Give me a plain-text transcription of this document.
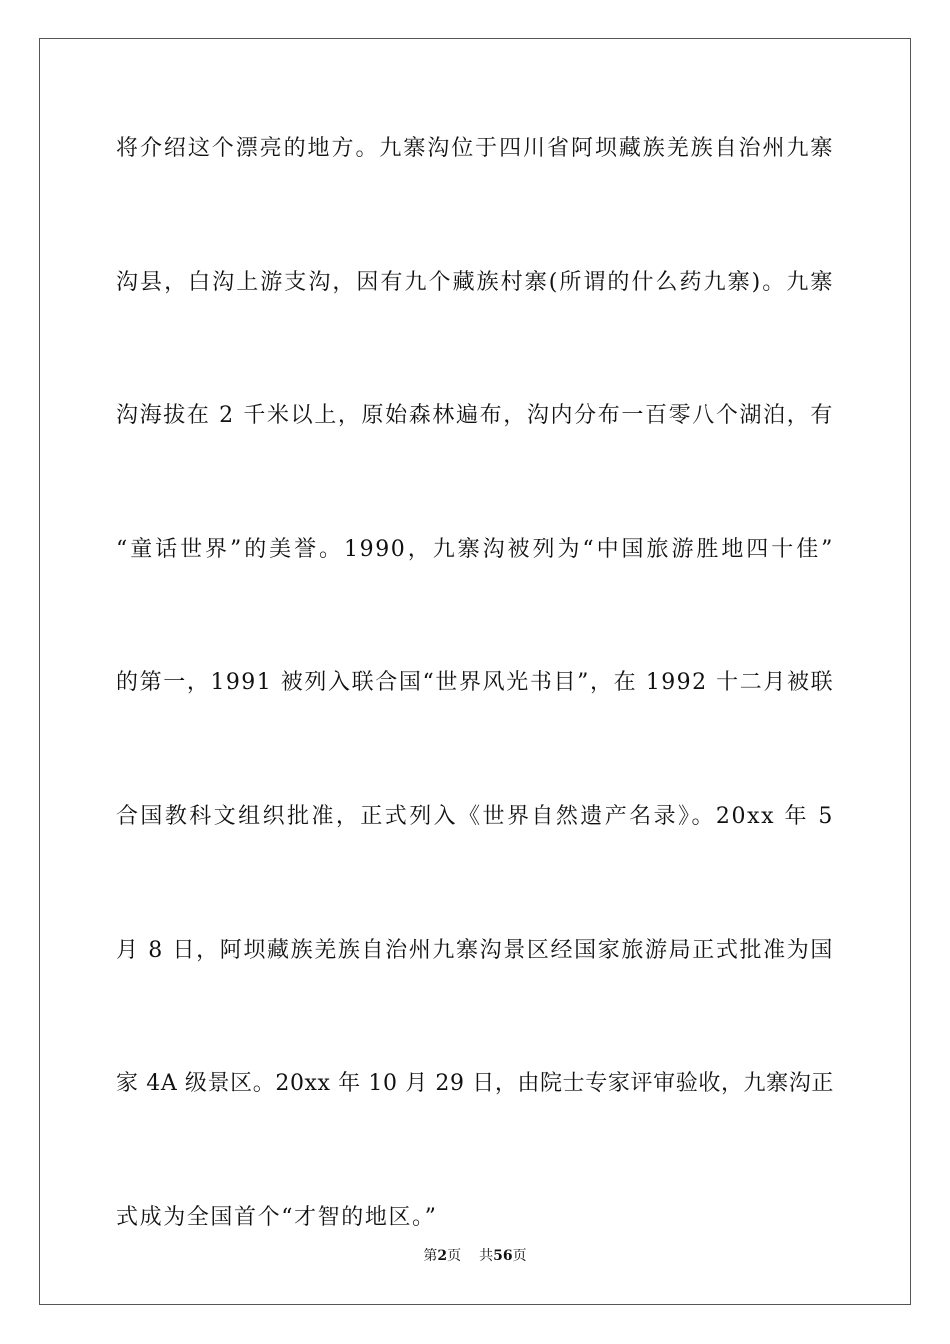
将介绍这个漂亮的地方。九寨沟位于四川省阿坝藏族羌族自治州九寨
沟县，白沟上游支沟，因有九个藏族村寨(所谓的什么药九寨)。九寨
沟海拔在 2 千米以上，原始森林遍布，沟内分布一百零八个湖泊，有
“童话世界”的美誉。1990，九寨沟被列为“中国旅游胜地四十佳”
的第一，1991 被列入联合国“世界风光书目”，在 1992 十二月被联
合国教科文组织批准，正式列入《世界自然遗产名录》。20xx 年 5
月 8 日，阿坝藏族羌族自治州九寨沟景区经国家旅游局正式批准为国
家 4A 级景区。20xx 年 10 月 29 日，由院士专家评审验收，九寨沟正
式成为全国首个“才智的地区。”
第2页 共56页
